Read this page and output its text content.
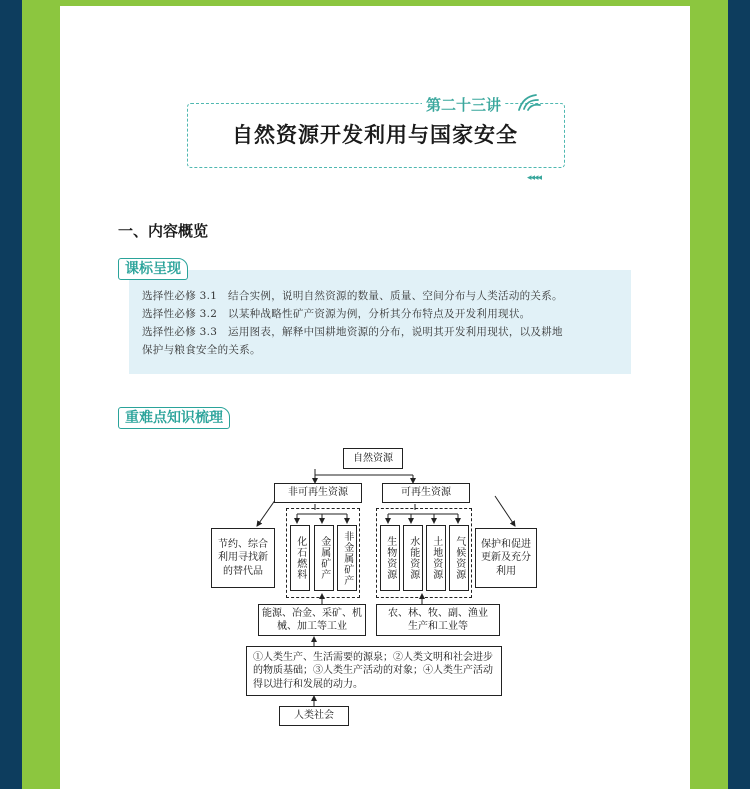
第二十三讲
自然资源开发利用与国家安全
◂◂◂◂
一、内容概览
课标呈现
选择性必修 3.1　结合实例，说明自然资源的数量、质量、空间分布与人类活动的关系。
选择性必修 3.2　以某种战略性矿产资源为例，分析其分布特点及开发利用现状。
选择性必修 3.3　运用图表，解释中国耕地资源的分布，说明其开发利用现状，以及耕地
保护与粮食安全的关系。
重难点知识梳理
自然资源
非可再生资源	可再生资源
化石燃料 金属矿产 非金属矿产	生物资源 水能资源 土地资源 气候资源
节约、综合利用寻找新的替代品
保护和促进更新及充分利用
能源、冶金、采矿、机械、加工等工业
农、林、牧、副、渔业生产和工业等
①人类生产、生活需要的源泉；②人类文明和社会进步的物质基础；③人类生产活动的对象；④人类生产活动得以进行和发展的动力。
人类社会
